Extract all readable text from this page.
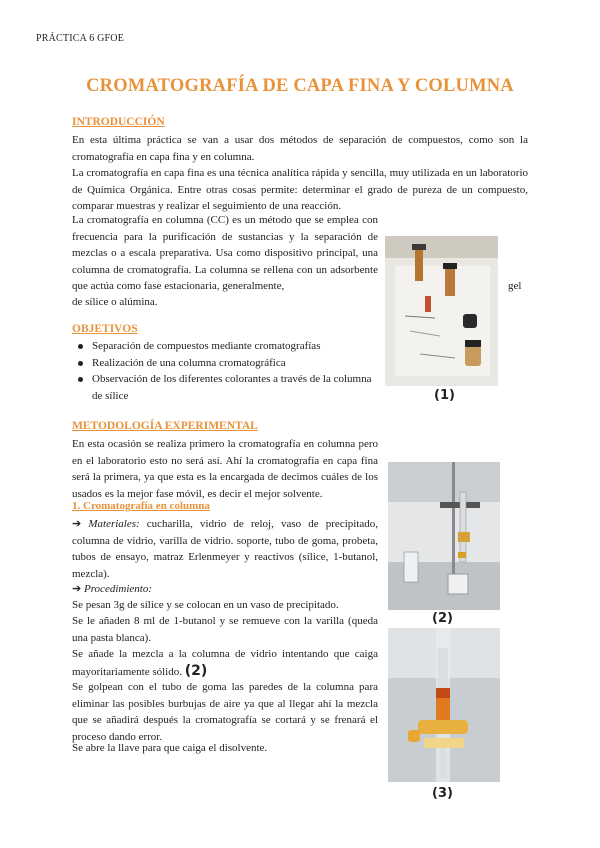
PRÁCTICA 6 GFOE
CROMATOGRAFÍA DE CAPA FINA Y COLUMNA
INTRODUCCIÓN
En esta última práctica se van a usar dos métodos de separación de compuestos, como son la cromatografía en capa fina y en columna.
La cromatografía en capa fina es una técnica analítica rápida y sencilla, muy utilizada en un laboratorio de Química Orgánica. Entre otras cosas permite: determinar el grado de pureza de un compuesto, comparar muestras y realizar el seguimiento de una reacción.
La cromatografía en columna (CC) es un método que se emplea con frecuencia para la purificación de sustancias y la separación de mezclas o a escala preparativa. Usa como dispositivo principal, una columna de cromatografía. La columna se rellena con un adsorbente que actúa como fase estacionaria, generalmente,	gel
de sílice o alúmina.
(1)
OBJETIVOS
Separación de compuestos mediante cromatografías
Realización de una columna cromatográfica
Observación de los diferentes colorantes a través de la columna de sílice
METODOLOGÍA EXPERIMENTAL
En esta ocasión se realiza primero la cromatografía en columna pero en el laboratorio esto no será así. Ahí la cromatografía en capa fina será la primera, ya que esta es la encargada de decimos cuáles de los usados es la mejor fase móvil, es decir el mejor solvente.
1. Cromatografía en columna
➔ Materiales: cucharilla, vidrio de reloj, vaso de precipitado, columna de vidrio, varilla de vidrio. soporte, tubo de goma, probeta, tubos de ensayo, matraz Erlenmeyer y reactivos (sílice, 1-butanol, mezcla).
➔ Procedimiento:
Se pesan 3g de sílice y se colocan en un vaso de precipitado.
Se le añaden 8 ml de 1-butanol y se remueve con la varilla (queda una pasta blanca).
Se añade la mezcla a la columna de vidrio intentando que caiga mayoritariamente sólido. (2)
Se golpean con el tubo de goma las paredes de la columna para eliminar las posibles burbujas de aire ya que al llegar ahí la mezcla que se añadirá después la cromatografía se cortará y se frenará el proceso dando error.
Se abre la llave para que caiga el disolvente.
(2)
(3)
